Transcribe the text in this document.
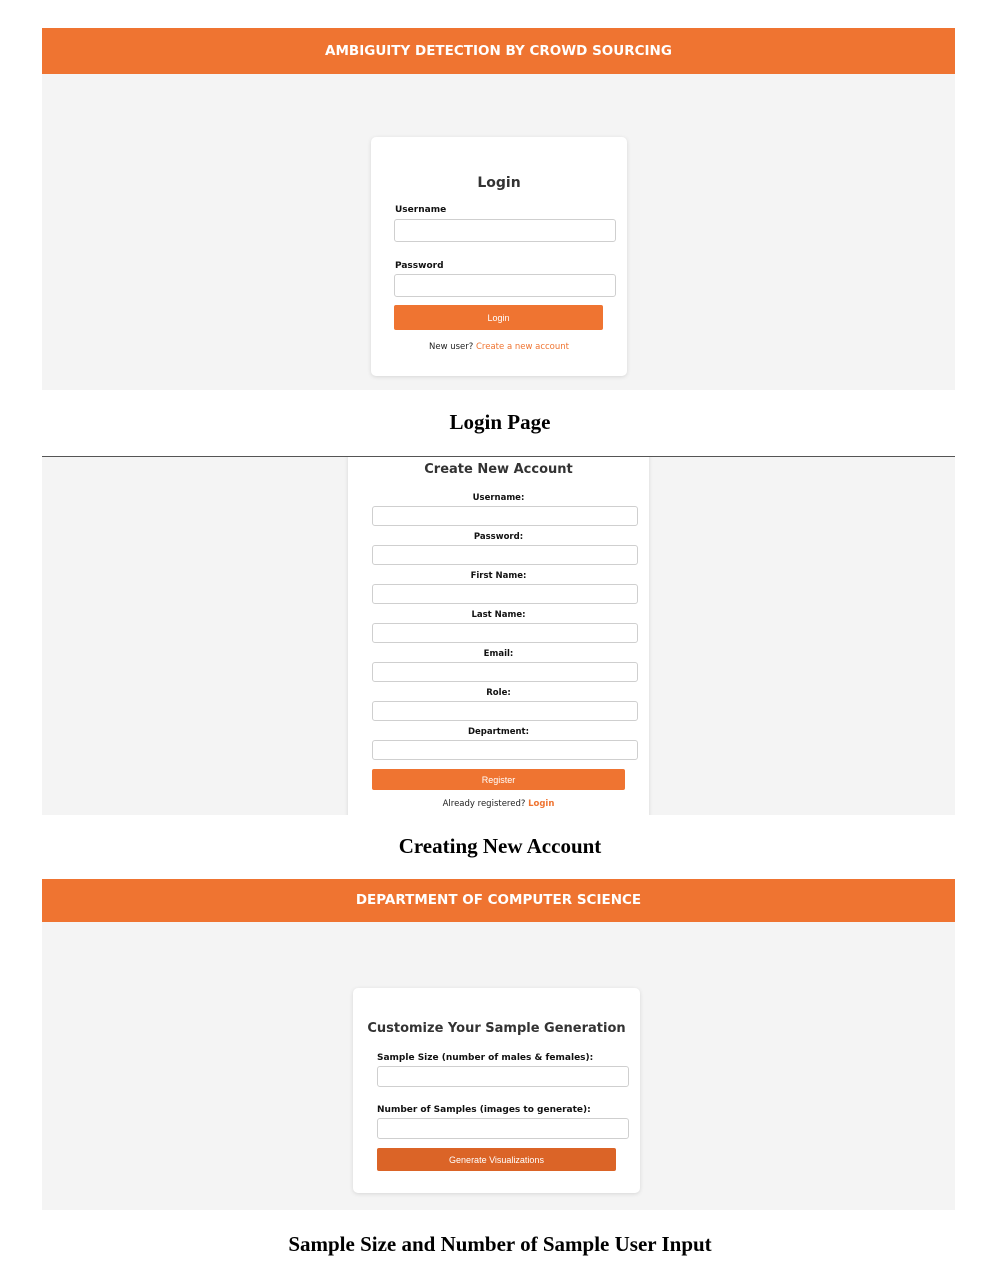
AMBIGUITY DETECTION BY CROWD SOURCING
Login
Username
Password
Login
New user? Create a new account
Login Page
Create New Account
Username:
Password:
First Name:
Last Name:
Email:
Role:
Department:
Register
Already registered? Login
Creating New Account
DEPARTMENT OF COMPUTER SCIENCE
Customize Your Sample Generation
Sample Size (number of males & females):
Number of Samples (images to generate):
Generate Visualizations
Sample Size and Number of Sample User Input
